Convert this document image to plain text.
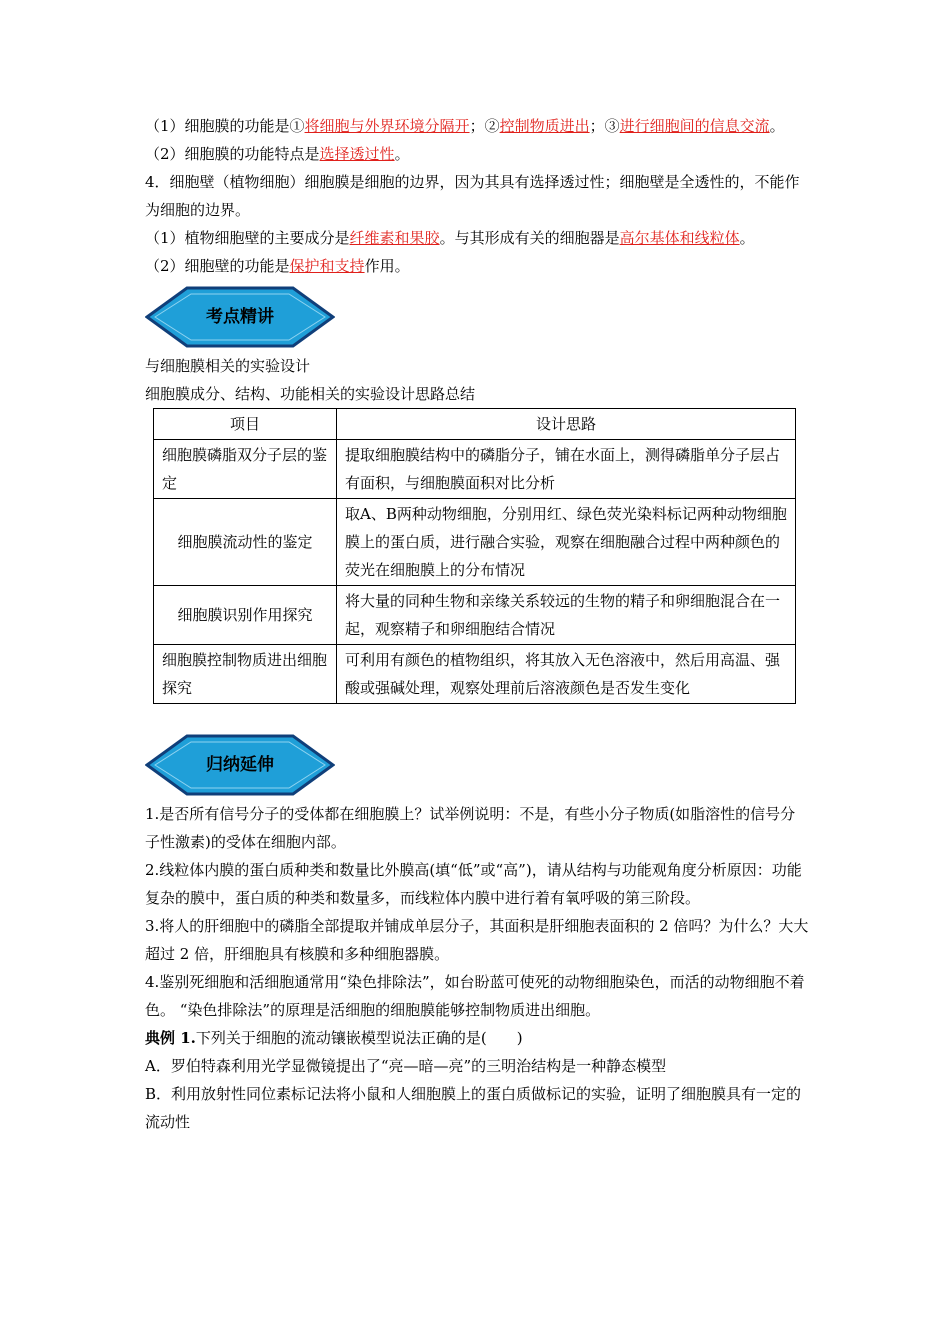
（1）细胞膜的功能是①将细胞与外界环境分隔开；②控制物质进出；③进行细胞间的信息交流。

（2）细胞膜的功能特点是选择透过性。

4．细胞壁（植物细胞）细胞膜是细胞的边界，因为其具有选择透过性；细胞壁是全透性的，不能作为细胞的边界。

（1）植物细胞壁的主要成分是纤维素和果胶。与其形成有关的细胞器是高尔基体和线粒体。

（2）细胞壁的功能是保护和支持作用。

考点精讲

与细胞膜相关的实验设计

细胞膜成分、结构、功能相关的实验设计思路总结

项目	设计思路
细胞膜磷脂双分子层的鉴定	提取细胞膜结构中的磷脂分子，铺在水面上，测得磷脂单分子层占有面积，与细胞膜面积对比分析
细胞膜流动性的鉴定	取A、B两种动物细胞，分别用红、绿色荧光染料标记两种动物细胞膜上的蛋白质，进行融合实验，观察在细胞融合过程中两种颜色的荧光在细胞膜上的分布情况
细胞膜识别作用探究	将大量的同种生物和亲缘关系较远的生物的精子和卵细胞混合在一起，观察精子和卵细胞结合情况
细胞膜控制物质进出细胞探究	可利用有颜色的植物组织，将其放入无色溶液中，然后用高温、强酸或强碱处理，观察处理前后溶液颜色是否发生变化
归纳延伸

1.是否所有信号分子的受体都在细胞膜上？试举例说明：不是，有些小分子物质(如脂溶性的信号分子性激素)的受体在细胞内部。

2.线粒体内膜的蛋白质种类和数量比外膜高(填“低”或“高”)，请从结构与功能观角度分析原因：功能复杂的膜中，蛋白质的种类和数量多，而线粒体内膜中进行着有氧呼吸的第三阶段。

3.将人的肝细胞中的磷脂全部提取并铺成单层分子，其面积是肝细胞表面积的 2 倍吗？为什么？大大超过 2 倍，肝细胞具有核膜和多种细胞器膜。

4.鉴别死细胞和活细胞通常用“染色排除法”，如台盼蓝可使死的动物细胞染色，而活的动物细胞不着色。 “染色排除法”的原理是活细胞的细胞膜能够控制物质进出细胞。

典例 1.下列关于细胞的流动镶嵌模型说法正确的是(　　)

A．罗伯特森利用光学显微镜提出了“亮—暗—亮”的三明治结构是一种静态模型

B．利用放射性同位素标记法将小鼠和人细胞膜上的蛋白质做标记的实验，证明了细胞膜具有一定的流动性
